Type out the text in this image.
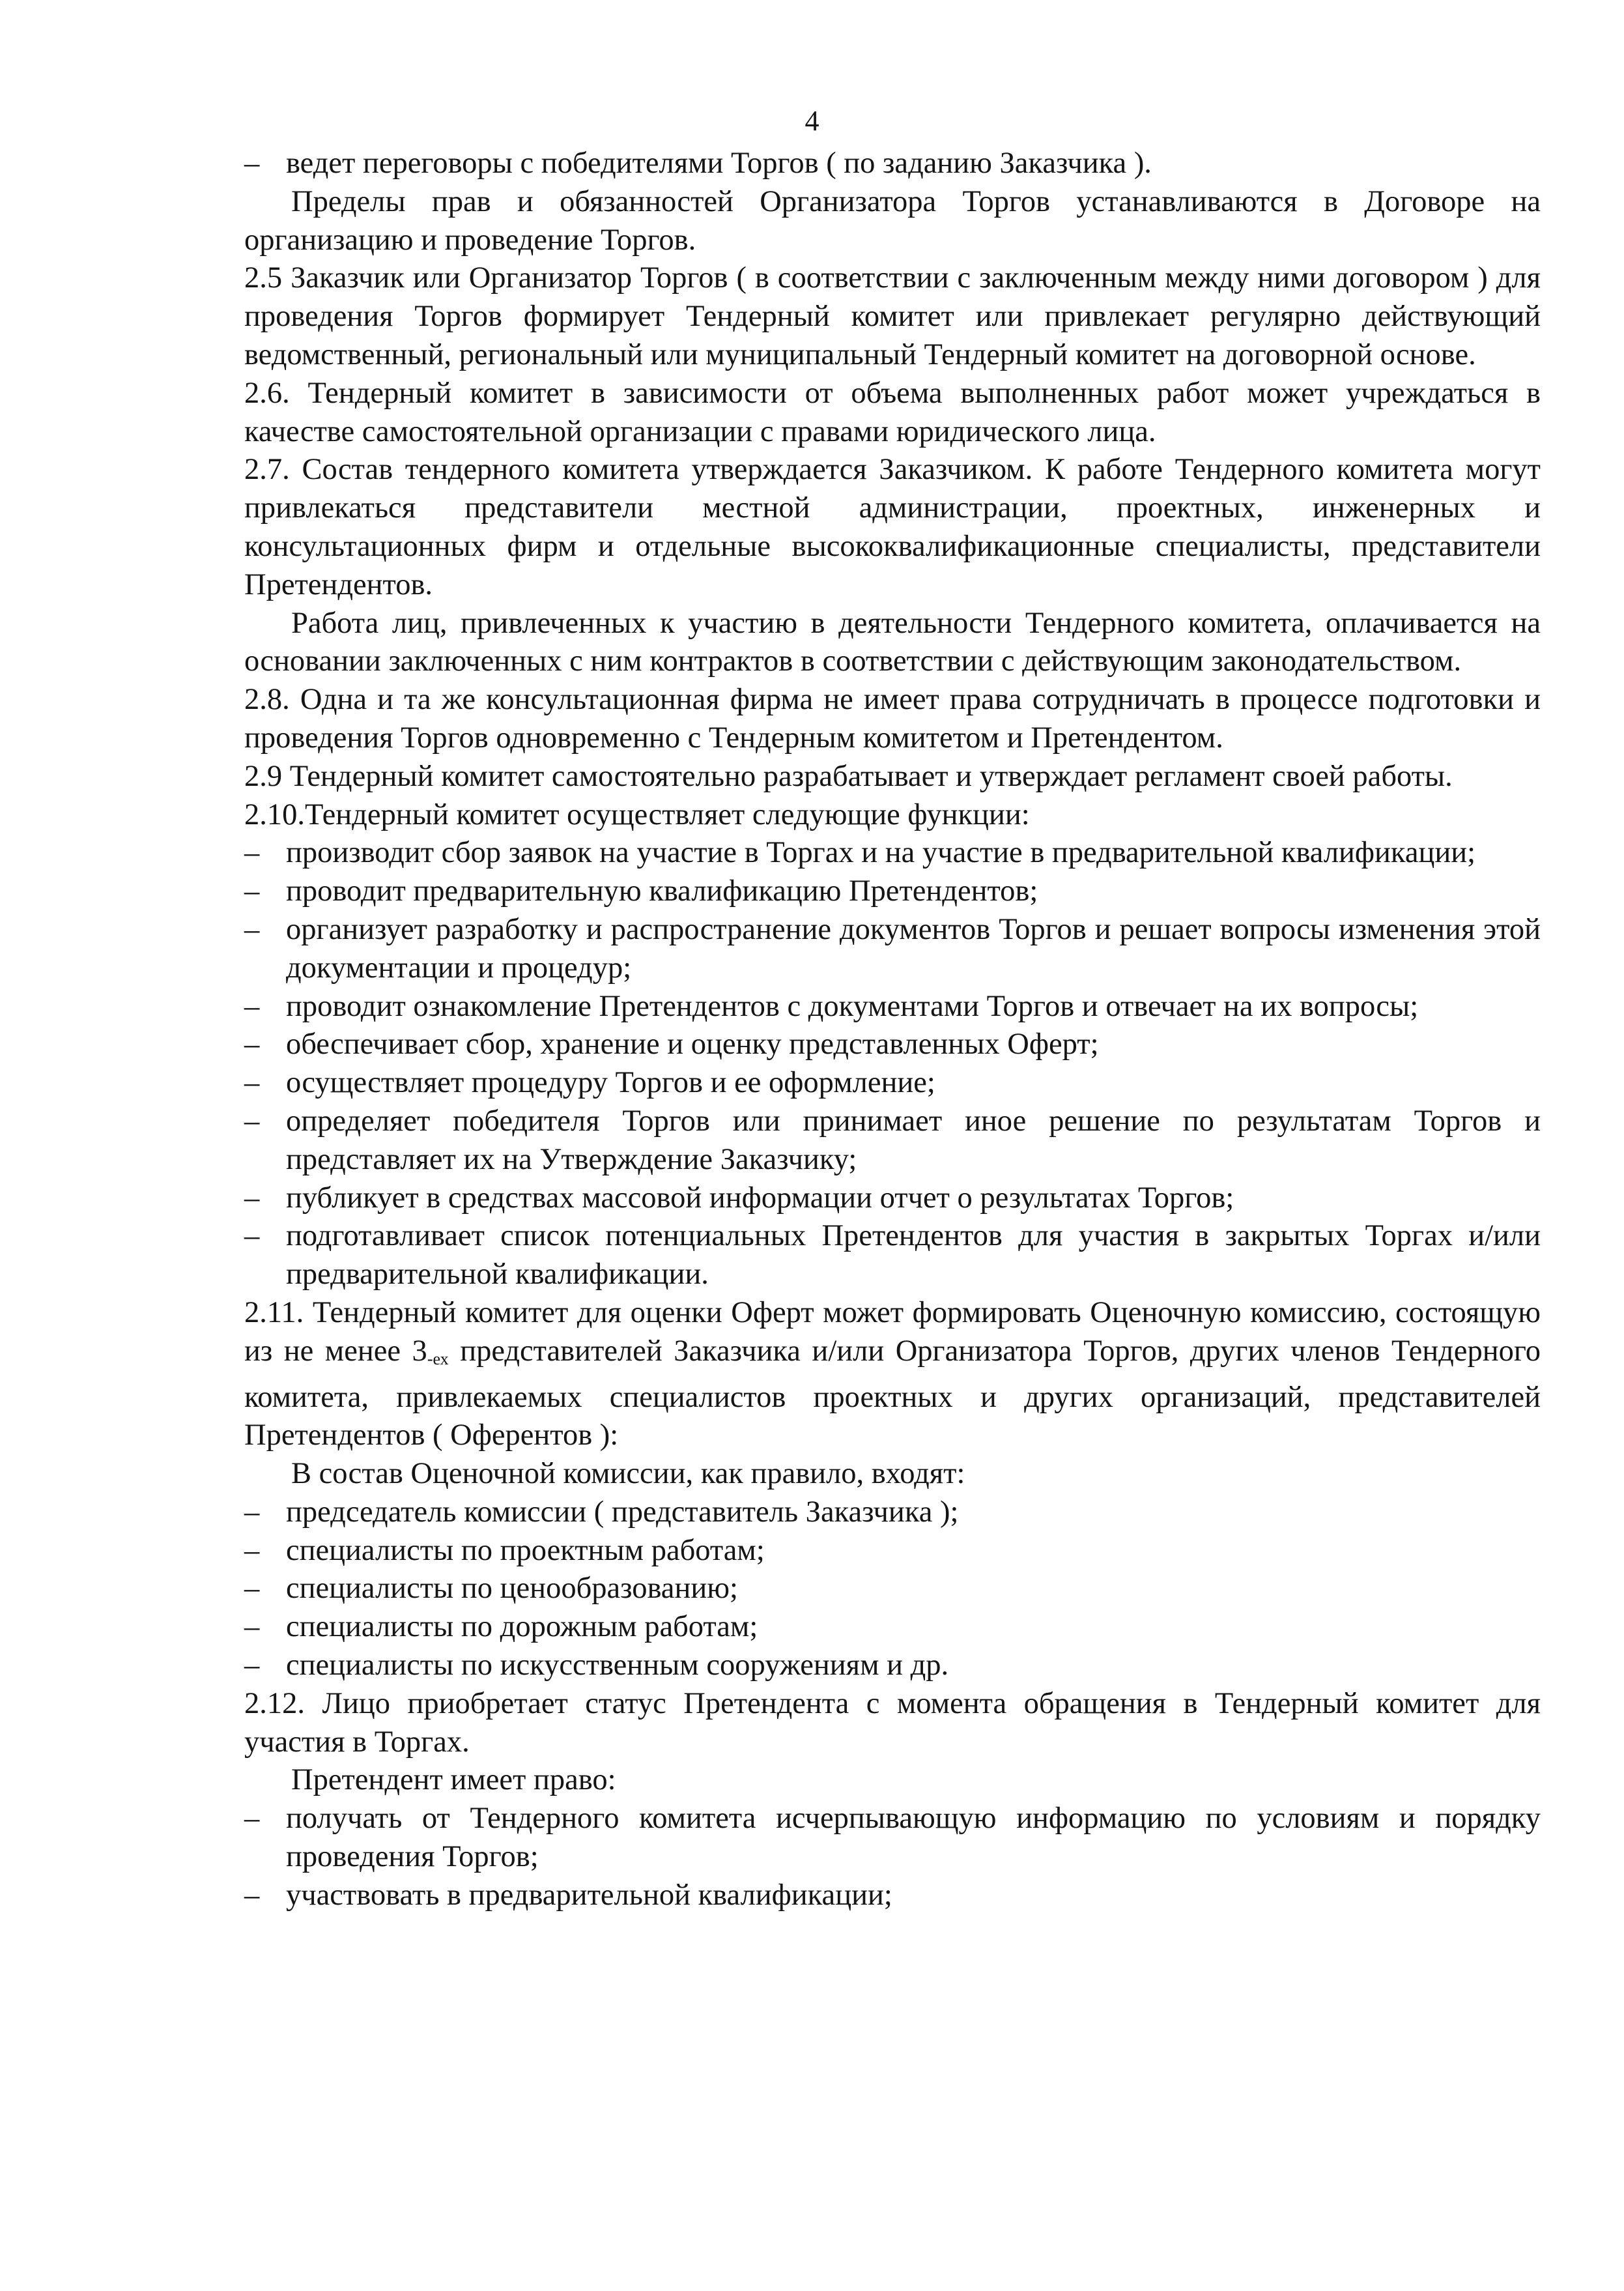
4
– ведет переговоры с победителями Торгов ( по заданию Заказчика ).

Пределы прав и обязанностей Организатора Торгов устанавливаются в Договоре на организацию и проведение Торгов.

2.5 Заказчик или Организатор Торгов ( в соответствии с заключенным между ними договором ) для проведения Торгов формирует Тендерный комитет или привлекает регулярно действующий ведомственный, региональный или муниципальный Тендерный комитет на договорной основе.

2.6. Тендерный комитет в зависимости от объема выполненных работ может учреждаться в качестве самостоятельной организации с правами юридического лица.

2.7. Состав тендерного комитета утверждается Заказчиком. К работе Тендерного комитета могут привлекаться представители местной администрации, проектных, инженерных и консультационных фирм и отдельные высококвалификационные специалисты, представители Претендентов.

Работа лиц, привлеченных к участию в деятельности Тендерного комитета, оплачивается на основании заключенных с ним контрактов в соответствии с действующим законодательством.

2.8. Одна и та же консультационная фирма не имеет права сотрудничать в процессе подготовки и проведения Торгов одновременно с Тендерным комитетом и Претендентом.

2.9 Тендерный комитет самостоятельно разрабатывает и утверждает регламент своей работы.

2.10.Тендерный комитет осуществляет следующие функции:

– производит сбор заявок на участие в Торгах и на участие в предварительной квалификации;
– проводит предварительную квалификацию Претендентов;
– организует разработку и распространение документов Торгов и решает вопросы изменения этой документации и процедур;
– проводит ознакомление Претендентов с документами Торгов и отвечает на их вопросы;
– обеспечивает сбор, хранение и оценку представленных Оферт;
– осуществляет процедуру Торгов и ее оформление;
– определяет победителя Торгов или принимает иное решение по результатам Торгов и представляет их на Утверждение Заказчику;
– публикует в средствах массовой информации отчет о результатах Торгов;
– подготавливает список потенциальных Претендентов для участия в закрытых Торгах и/или предварительной квалификации.

2.11. Тендерный комитет для оценки Оферт может формировать Оценочную комиссию, состоящую из не менее $3_{-ех}$ представителей Заказчика и/или Организатора Торгов, других членов Тендерного комитета, привлекаемых специалистов проектных и других организаций, представителей Претендентов ( Оферентов ):

В состав Оценочной комиссии, как правило, входят:

– председатель комиссии ( представитель Заказчика );
– специалисты по проектным работам;
– специалисты по ценообразованию;
– специалисты по дорожным работам;
– специалисты по искусственным сооружениям и др.

2.12. Лицо приобретает статус Претендента с момента обращения в Тендерный комитет для участия в Торгах.

Претендент имеет право:

– получать от Тендерного комитета исчерпывающую информацию по условиям и порядку проведения Торгов;
– участвовать в предварительной квалификации;
